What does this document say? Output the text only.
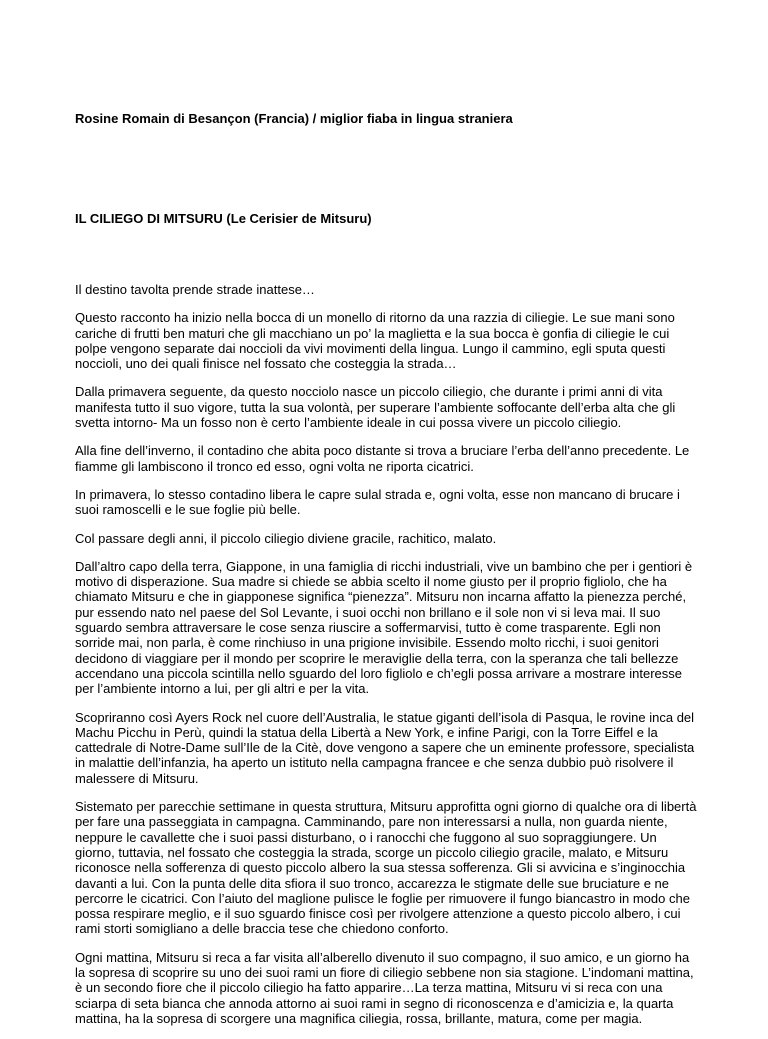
Rosine Romain di Besançon (Francia) / miglior fiaba in lingua straniera

IL CILIEGO DI MITSURU (Le Cerisier de Mitsuru)

Il destino tavolta prende strade inattese…

Questo racconto ha inizio nella bocca di un monello di ritorno da una razzia di ciliegie. Le sue mani sono cariche di frutti ben maturi che gli macchiano un po’ la maglietta e la sua bocca è gonfia di ciliegie le cui polpe vengono separate dai noccioli da vivi movimenti della lingua. Lungo il cammino, egli sputa questi noccioli, uno dei quali finisce nel fossato che costeggia la strada…

Dalla primavera seguente, da questo nocciolo nasce un piccolo ciliegio, che durante i primi anni di vita manifesta tutto il suo vigore, tutta la sua volontà, per superare l’ambiente soffocante dell’erba alta che gli svetta intorno- Ma un fosso non è certo l’ambiente ideale in cui possa vivere un piccolo ciliegio.

Alla fine dell’inverno, il contadino che abita poco distante si trova a bruciare l’erba dell’anno precedente. Le fiamme gli lambiscono il tronco ed esso, ogni volta ne riporta cicatrici.

In primavera, lo stesso contadino libera le capre sulal strada e, ogni volta, esse non mancano di brucare i suoi ramoscelli e le sue foglie più belle.

Col passare degli anni, il piccolo ciliegio diviene gracile, rachitico, malato.

Dall’altro capo della terra, Giappone, in una famiglia di ricchi industriali, vive un bambino che per i gentiori è motivo di disperazione. Sua madre si chiede se abbia scelto il nome giusto per il proprio figliolo, che ha chiamato Mitsuru e che in giapponese significa “pienezza”. Mitsuru non incarna affatto la pienezza perché, pur essendo nato nel paese del Sol Levante, i suoi occhi non brillano e il sole non vi si leva mai. Il suo sguardo sembra attraversare le cose senza riuscire a soffermarvisi, tutto è come trasparente. Egli non sorride mai, non parla, è come rinchiuso in una prigione invisibile. Essendo molto ricchi, i suoi genitori decidono di viaggiare per il mondo per scoprire le meraviglie della terra, con la speranza che tali bellezze accendano una piccola scintilla nello sguardo del loro figliolo e ch’egli possa arrivare a mostrare interesse per l’ambiente intorno a lui, per gli altri e per la vita.

Scopriranno così Ayers Rock nel cuore dell’Australia, le statue giganti dell’isola di Pasqua, le rovine inca del Machu Picchu in Perù, quindi la statua della Libertà a New York, e infine Parigi, con la Torre Eiffel e la cattedrale di Notre-Dame sull’Ile de la Citè, dove vengono a sapere che un eminente professore, specialista in malattie dell’infanzia, ha aperto un istituto nella campagna francee e che senza dubbio può risolvere il malessere di Mitsuru.

Sistemato per parecchie settimane in questa struttura, Mitsuru approfitta ogni giorno di qualche ora di libertà per fare una passeggiata in campagna. Camminando, pare non interessarsi a nulla, non guarda niente, neppure le cavallette che i suoi passi disturbano, o i ranocchi che fuggono al suo sopraggiungere. Un giorno, tuttavia, nel fossato che costeggia la strada, scorge un piccolo ciliegio gracile, malato, e Mitsuru riconosce nella sofferenza di questo piccolo albero la sua stessa sofferenza. Gli si avvicina e s’inginocchia davanti a lui. Con la punta delle dita sfiora il suo tronco, accarezza le stigmate delle sue bruciature e ne percorre le cicatrici. Con l’aiuto del maglione pulisce le foglie per rimuovere il fungo biancastro in modo che possa respirare meglio, e il suo sguardo finisce così per rivolgere attenzione a questo piccolo albero, i cui rami storti somigliano a delle braccia tese che chiedono conforto.

Ogni mattina, Mitsuru si reca a far visita all’alberello divenuto il suo compagno, il suo amico, e un giorno ha la sopresa di scoprire su uno dei suoi rami un fiore di ciliegio sebbene non sia stagione. L’indomani mattina, è un secondo fiore che il piccolo ciliegio ha fatto apparire…La terza mattina, Mitsuru vi si reca con una sciarpa di seta bianca che annoda attorno ai suoi rami in segno di riconoscenza e d’amicizia e, la quarta mattina, ha la sopresa di scorgere una magnifica ciliegia, rossa, brillante, matura, come per magia.
